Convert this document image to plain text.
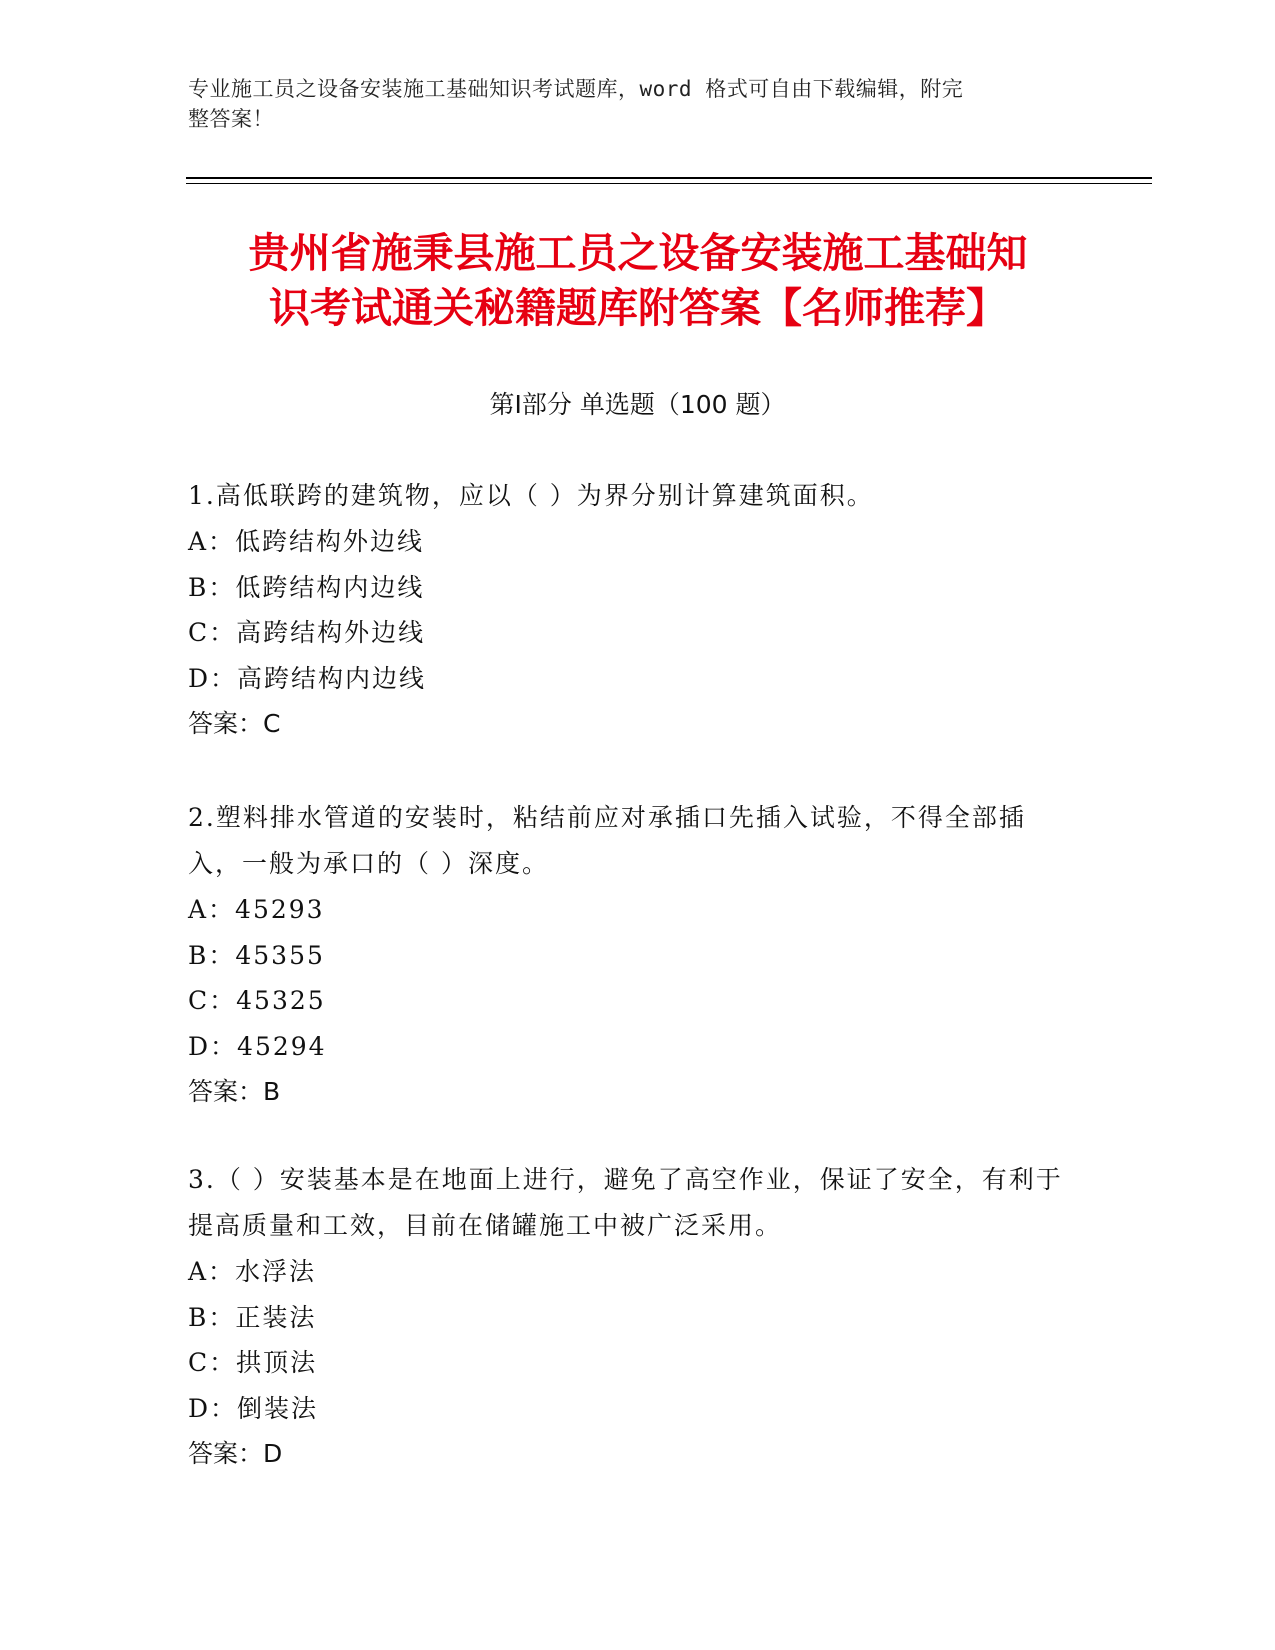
专业施工员之设备安装施工基础知识考试题库，word 格式可自由下载编辑，附完
整答案！
贵州省施秉县施工员之设备安装施工基础知
识考试通关秘籍题库附答案【名师推荐】
第Ⅰ部分 单选题（100 题）
1.高低联跨的建筑物，应以（ ）为界分别计算建筑面积。
A：低跨结构外边线
B：低跨结构内边线
C：高跨结构外边线
D：高跨结构内边线
答案：C
2.塑料排水管道的安装时，粘结前应对承插口先插入试验，不得全部插入，一般为承口的（ ）深度。
A：45293
B：45355
C：45325
D：45294
答案：B
3.（ ）安装基本是在地面上进行，避免了高空作业，保证了安全，有利于提高质量和工效，目前在储罐施工中被广泛采用。
A：水浮法
B：正装法
C：拱顶法
D：倒装法
答案：D
